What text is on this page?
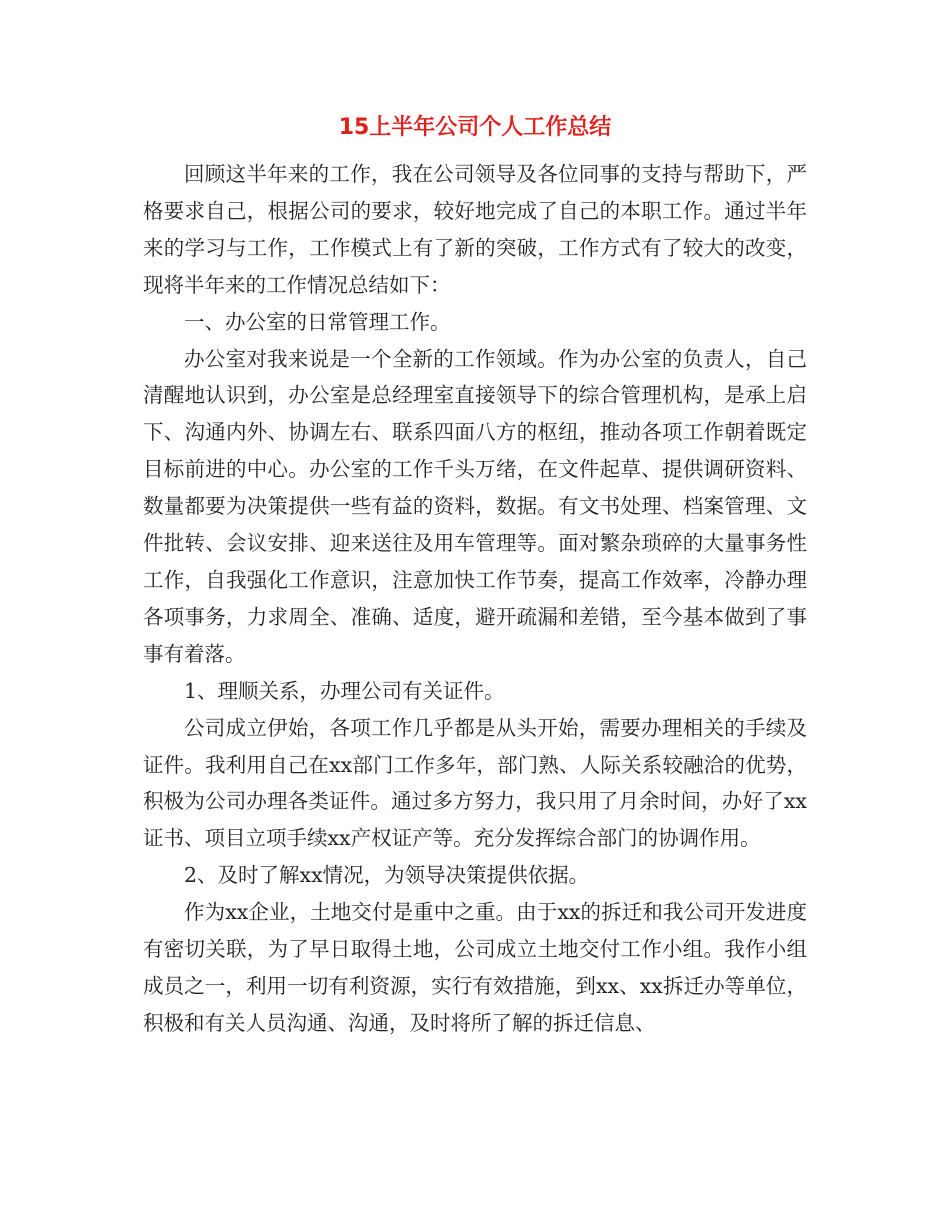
15上半年公司个人工作总结

回顾这半年来的工作，我在公司领导及各位同事的支持与帮助下，严格要求自己，根据公司的要求，较好地完成了自己的本职工作。通过半年来的学习与工作，工作模式上有了新的突破，工作方式有了较大的改变，现将半年来的工作情况总结如下：

一、办公室的日常管理工作。

办公室对我来说是一个全新的工作领域。作为办公室的负责人，自己清醒地认识到，办公室是总经理室直接领导下的综合管理机构，是承上启下、沟通内外、协调左右、联系四面八方的枢纽，推动各项工作朝着既定目标前进的中心。办公室的工作千头万绪，在文件起草、提供调研资料、数量都要为决策提供一些有益的资料，数据。有文书处理、档案管理、文件批转、会议安排、迎来送往及用车管理等。面对繁杂琐碎的大量事务性工作，自我强化工作意识，注意加快工作节奏，提高工作效率，冷静办理各项事务，力求周全、准确、适度，避开疏漏和差错，至今基本做到了事事有着落。

1、理顺关系，办理公司有关证件。

公司成立伊始，各项工作几乎都是从头开始，需要办理相关的手续及证件。我利用自己在xx部门工作多年，部门熟、人际关系较融洽的优势，积极为公司办理各类证件。通过多方努力，我只用了月余时间，办好了xx证书、项目立项手续xx产权证产等。充分发挥综合部门的协调作用。

2、及时了解xx情况，为领导决策提供依据。

作为xx企业，土地交付是重中之重。由于xx的拆迁和我公司开发进度有密切关联，为了早日取得土地，公司成立土地交付工作小组。我作小组成员之一，利用一切有利资源，实行有效措施，到xx、xx拆迁办等单位，积极和有关人员沟通、沟通，及时将所了解的拆迁信息、
